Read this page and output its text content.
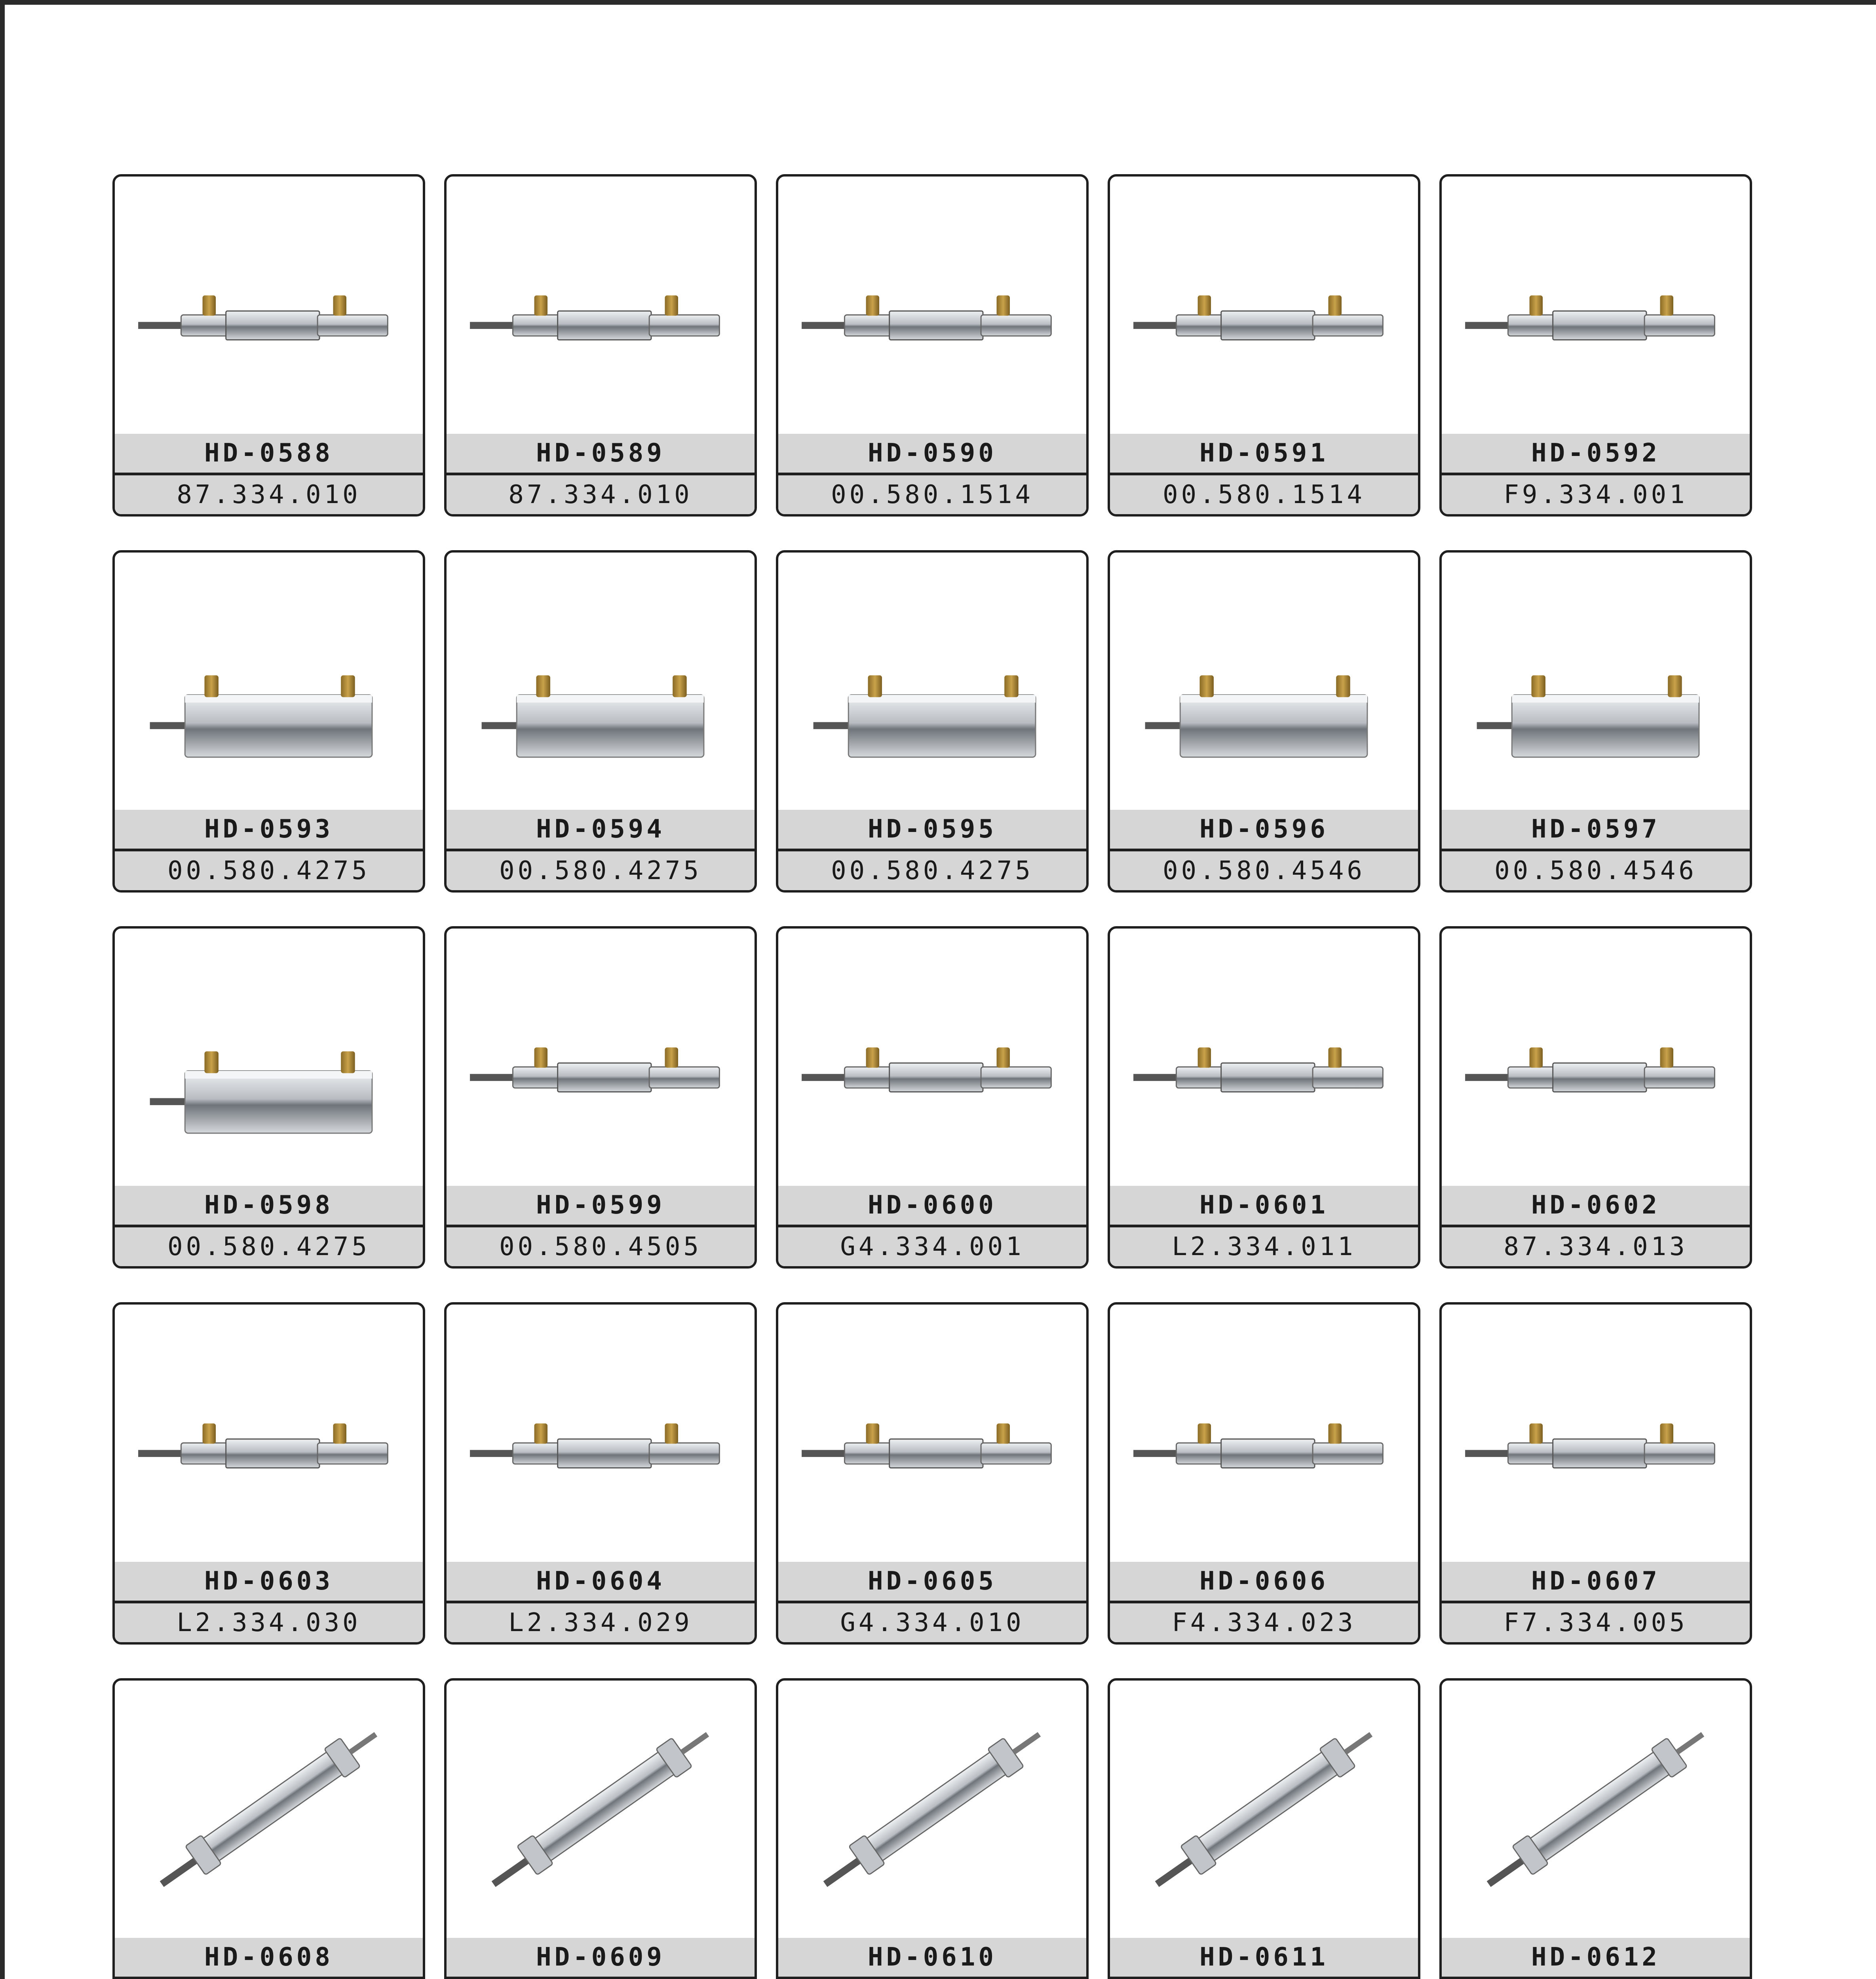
HD-0588
87.334.010
HD-0589
87.334.010
HD-0590
00.580.1514
HD-0591
00.580.1514
HD-0592
F9.334.001
HD-0593
00.580.4275
HD-0594
00.580.4275
HD-0595
00.580.4275
HD-0596
00.580.4546
HD-0597
00.580.4546
HD-0598
00.580.4275
HD-0599
00.580.4505
HD-0600
G4.334.001
HD-0601
L2.334.011
HD-0602
87.334.013
HD-0603
L2.334.030
HD-0604
L2.334.029
HD-0605
G4.334.010
HD-0606
F4.334.023
HD-0607
F7.334.005
HD-0608	HD-0609	HD-0610	HD-0611	HD-0612
